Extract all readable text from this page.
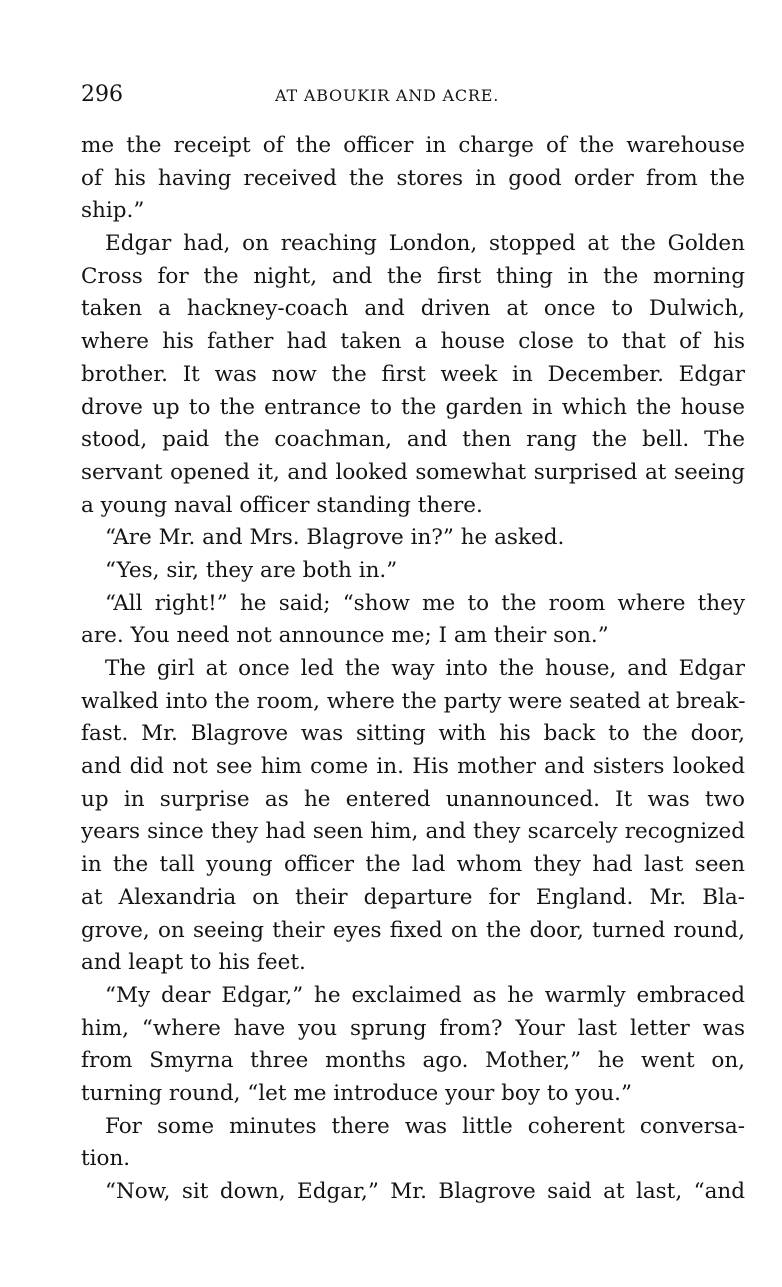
296	AT ABOUKIR AND ACRE.
me the receipt of the officer in charge of the warehouse
of his having received the stores in good order from the
ship.”
Edgar had, on reaching London, stopped at the Golden
Cross for the night, and the first thing in the morning
taken a hackney-coach and driven at once to Dulwich,
where his father had taken a house close to that of his
brother. It was now the first week in December. Edgar
drove up to the entrance to the garden in which the house
stood, paid the coachman, and then rang the bell. The
servant opened it, and looked somewhat surprised at seeing
a young naval officer standing there.
“Are Mr. and Mrs. Blagrove in?” he asked.
“Yes, sir, they are both in.”
“All right!” he said; “show me to the room where they
are. You need not announce me; I am their son.”
The girl at once led the way into the house, and Edgar
walked into the room, where the party were seated at break-
fast. Mr. Blagrove was sitting with his back to the door,
and did not see him come in. His mother and sisters looked
up in surprise as he entered unannounced. It was two
years since they had seen him, and they scarcely recognized
in the tall young officer the lad whom they had last seen
at Alexandria on their departure for England. Mr. Bla-
grove, on seeing their eyes fixed on the door, turned round,
and leapt to his feet.
“My dear Edgar,” he exclaimed as he warmly embraced
him, “where have you sprung from? Your last letter was
from Smyrna three months ago. Mother,” he went on,
turning round, “let me introduce your boy to you.”
For some minutes there was little coherent conversa-
tion.
“Now, sit down, Edgar,” Mr. Blagrove said at last, “and
